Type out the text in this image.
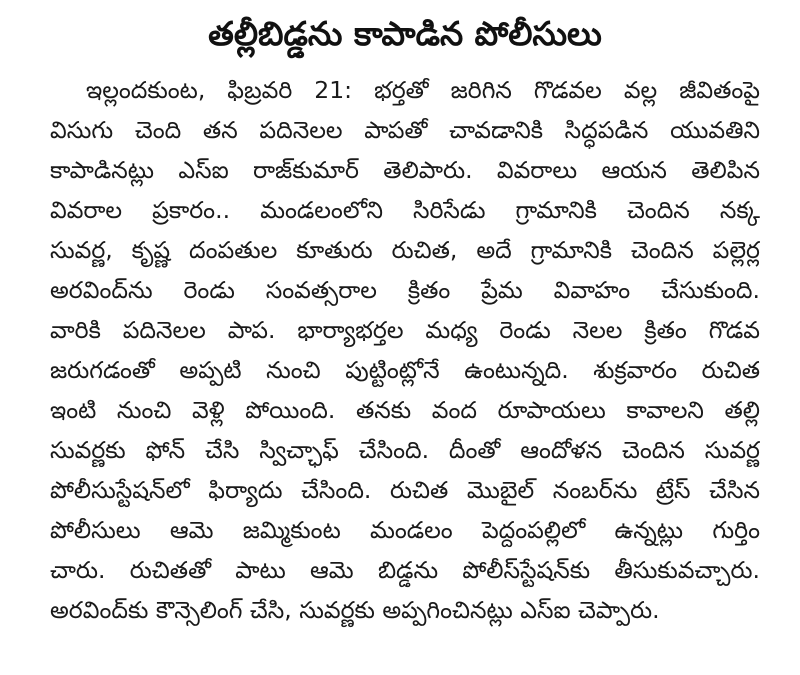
తల్లీబిడ్డను కాపాడిన పోలీసులు
ఇల్లందకుంట, ఫిబ్రవరి 21: భర్తతో జరిగిన గొడవల వల్ల జీవితంపై
విసుగు చెంది తన పదినెలల పాపతో చావడానికి సిద్ధపడిన యువతిని
కాపాడినట్లు ఎస్ఐ రాజ్‌కుమార్ తెలిపారు. వివరాలు ఆయన తెలిపిన
వివరాల ప్రకారం.. మండలంలోని సిరిసేడు గ్రామానికి చెందిన నక్క
సువర్ణ, కృష్ణ దంపతుల కూతురు రుచిత, అదే గ్రామానికి చెందిన పల్లెర్ల
అరవింద్‌ను రెండు సంవత్సరాల క్రితం ప్రేమ వివాహం చేసుకుంది.
వారికి పదినెలల పాప. భార్యాభర్తల మధ్య రెండు నెలల క్రితం గొడవ
జరుగడంతో అప్పటి నుంచి పుట్టింట్లోనే ఉంటున్నది. శుక్రవారం రుచిత
ఇంటి నుంచి వెళ్లి పోయింది. తనకు వంద రూపాయలు కావాలని తల్లి
సువర్ణకు ఫోన్ చేసి స్విచ్ఛాఫ్ చేసింది. దీంతో ఆందోళన చెందిన సువర్ణ
పోలీసుస్టేషన్‌లో ఫిర్యాదు చేసింది. రుచిత మొబైల్ నంబర్‌ను ట్రేస్ చేసిన
పోలీసులు ఆమె జమ్మికుంట మండలం పెద్దంపల్లిలో ఉన్నట్లు గుర్తిం
చారు. రుచితతో పాటు ఆమె బిడ్డను పోలీస్‌స్టేషన్‌కు తీసుకువచ్చారు.
అరవింద్‌కు కౌన్సెలింగ్ చేసి, సువర్ణకు అప్పగించినట్లు ఎస్ఐ చెప్పారు.
